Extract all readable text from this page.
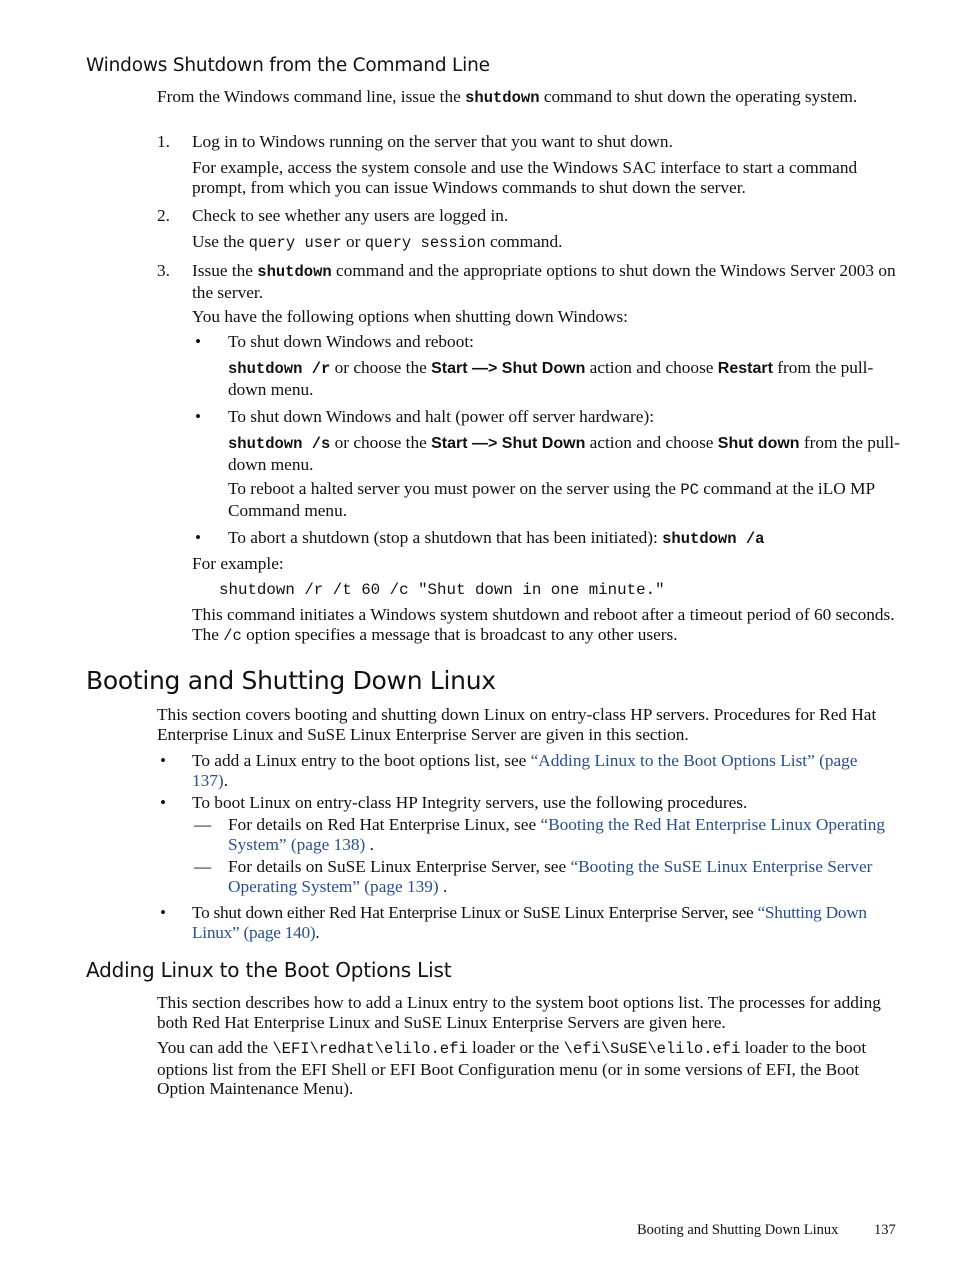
Windows Shutdown from the Command Line
From the Windows command line, issue the shutdown command to shut down the operating system.
1. Log in to Windows running on the server that you want to shut down.
For example, access the system console and use the Windows SAC interface to start a command prompt, from which you can issue Windows commands to shut down the server.
2. Check to see whether any users are logged in.
Use the query user or query session command.
3. Issue the shutdown command and the appropriate options to shut down the Windows Server 2003 on the server.
You have the following options when shutting down Windows:
• To shut down Windows and reboot:
shutdown /r or choose the Start —> Shut Down action and choose Restart from the pull-down menu.
• To shut down Windows and halt (power off server hardware):
shutdown /s or choose the Start —> Shut Down action and choose Shut down from the pull-down menu.
To reboot a halted server you must power on the server using the PC command at the iLO MP Command menu.
• To abort a shutdown (stop a shutdown that has been initiated): shutdown /a
For example:
shutdown /r /t 60 /c "Shut down in one minute."
This command initiates a Windows system shutdown and reboot after a timeout period of 60 seconds. The /c option specifies a message that is broadcast to any other users.
Booting and Shutting Down Linux
This section covers booting and shutting down Linux on entry-class HP servers. Procedures for Red Hat Enterprise Linux and SuSE Linux Enterprise Server are given in this section.
• To add a Linux entry to the boot options list, see “Adding Linux to the Boot Options List” (page 137).
• To boot Linux on entry-class HP Integrity servers, use the following procedures.
— For details on Red Hat Enterprise Linux, see “Booting the Red Hat Enterprise Linux Operating System” (page 138) .
— For details on SuSE Linux Enterprise Server, see “Booting the SuSE Linux Enterprise Server Operating System” (page 139) .
• To shut down either Red Hat Enterprise Linux or SuSE Linux Enterprise Server, see “Shutting Down Linux” (page 140).
Adding Linux to the Boot Options List
This section describes how to add a Linux entry to the system boot options list. The processes for adding both Red Hat Enterprise Linux and SuSE Linux Enterprise Servers are given here.
You can add the \EFI\redhat\elilo.efi loader or the \efi\SuSE\elilo.efi loader to the boot options list from the EFI Shell or EFI Boot Configuration menu (or in some versions of EFI, the Boot Option Maintenance Menu).
Booting and Shutting Down Linux 137
